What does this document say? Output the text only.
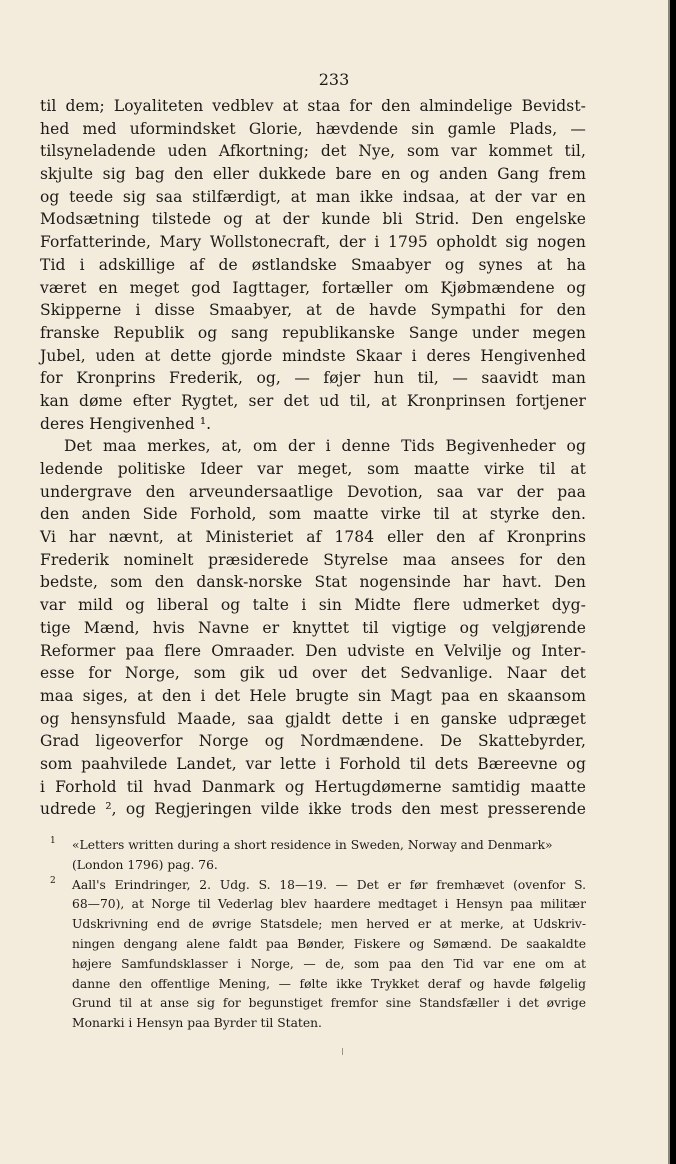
233
til dem; Loyaliteten vedblev at staa for den almindelige Bevidst-
hed med uformindsket Glorie, hævdende sin gamle Plads, —
tilsyneladende uden Afkortning; det Nye, som var kommet til,
skjulte sig bag den eller dukkede bare en og anden Gang frem
og teede sig saa stilfærdigt, at man ikke indsaa, at der var en
Modsætning tilstede og at der kunde bli Strid. Den engelske
Forfatterinde, Mary Wollstonecraft, der i 1795 opholdt sig nogen
Tid i adskillige af de østlandske Smaabyer og synes at ha
været en meget god Iagttager, fortæller om Kjøbmændene og
Skipperne i disse Smaabyer, at de havde Sympathi for den
franske Republik og sang republikanske Sange under megen
Jubel, uden at dette gjorde mindste Skaar i deres Hengivenhed
for Kronprins Frederik, og, — føjer hun til, — saavidt man
kan døme efter Rygtet, ser det ud til, at Kronprinsen fortjener
deres Hengivenhed ¹.
Det maa merkes, at, om der i denne Tids Begivenheder og
ledende politiske Ideer var meget, som maatte virke til at
undergrave den arveundersaatlige Devotion, saa var der paa
den anden Side Forhold, som maatte virke til at styrke den.
Vi har nævnt, at Ministeriet af 1784 eller den af Kronprins
Frederik nominelt præsiderede Styrelse maa ansees for den
bedste, som den dansk-norske Stat nogensinde har havt. Den
var mild og liberal og talte i sin Midte flere udmerket dyg-
tige Mænd, hvis Navne er knyttet til vigtige og velgjørende
Reformer paa flere Omraader. Den udviste en Velvilje og Inter-
esse for Norge, som gik ud over det Sedvanlige. Naar det
maa siges, at den i det Hele brugte sin Magt paa en skaansom
og hensynsfuld Maade, saa gjaldt dette i en ganske udpræget
Grad ligeoverfor Norge og Nordmændene. De Skattebyrder,
som paahvilede Landet, var lette i Forhold til dets Bæreevne og
i Forhold til hvad Danmark og Hertugdømerne samtidig maatte
udrede ², og Regjeringen vilde ikke trods den mest presserende
1 «Letters written during a short residence in Sweden, Norway and Denmark»
(London 1796) pag. 76.
2 Aall's Erindringer, 2. Udg. S. 18—19. — Det er før fremhævet (ovenfor S.
68—70), at Norge til Vederlag blev haardere medtaget i Hensyn paa militær
Udskrivning end de øvrige Statsdele; men herved er at merke, at Udskriv-
ningen dengang alene faldt paa Bønder, Fiskere og Sømænd. De saakaldte
højere Samfundsklasser i Norge, — de, som paa den Tid var ene om at
danne den offentlige Mening, — følte ikke Trykket deraf og havde følgelig
Grund til at anse sig for begunstiget fremfor sine Standsfæller i det øvrige
Monarki i Hensyn paa Byrder til Staten.
